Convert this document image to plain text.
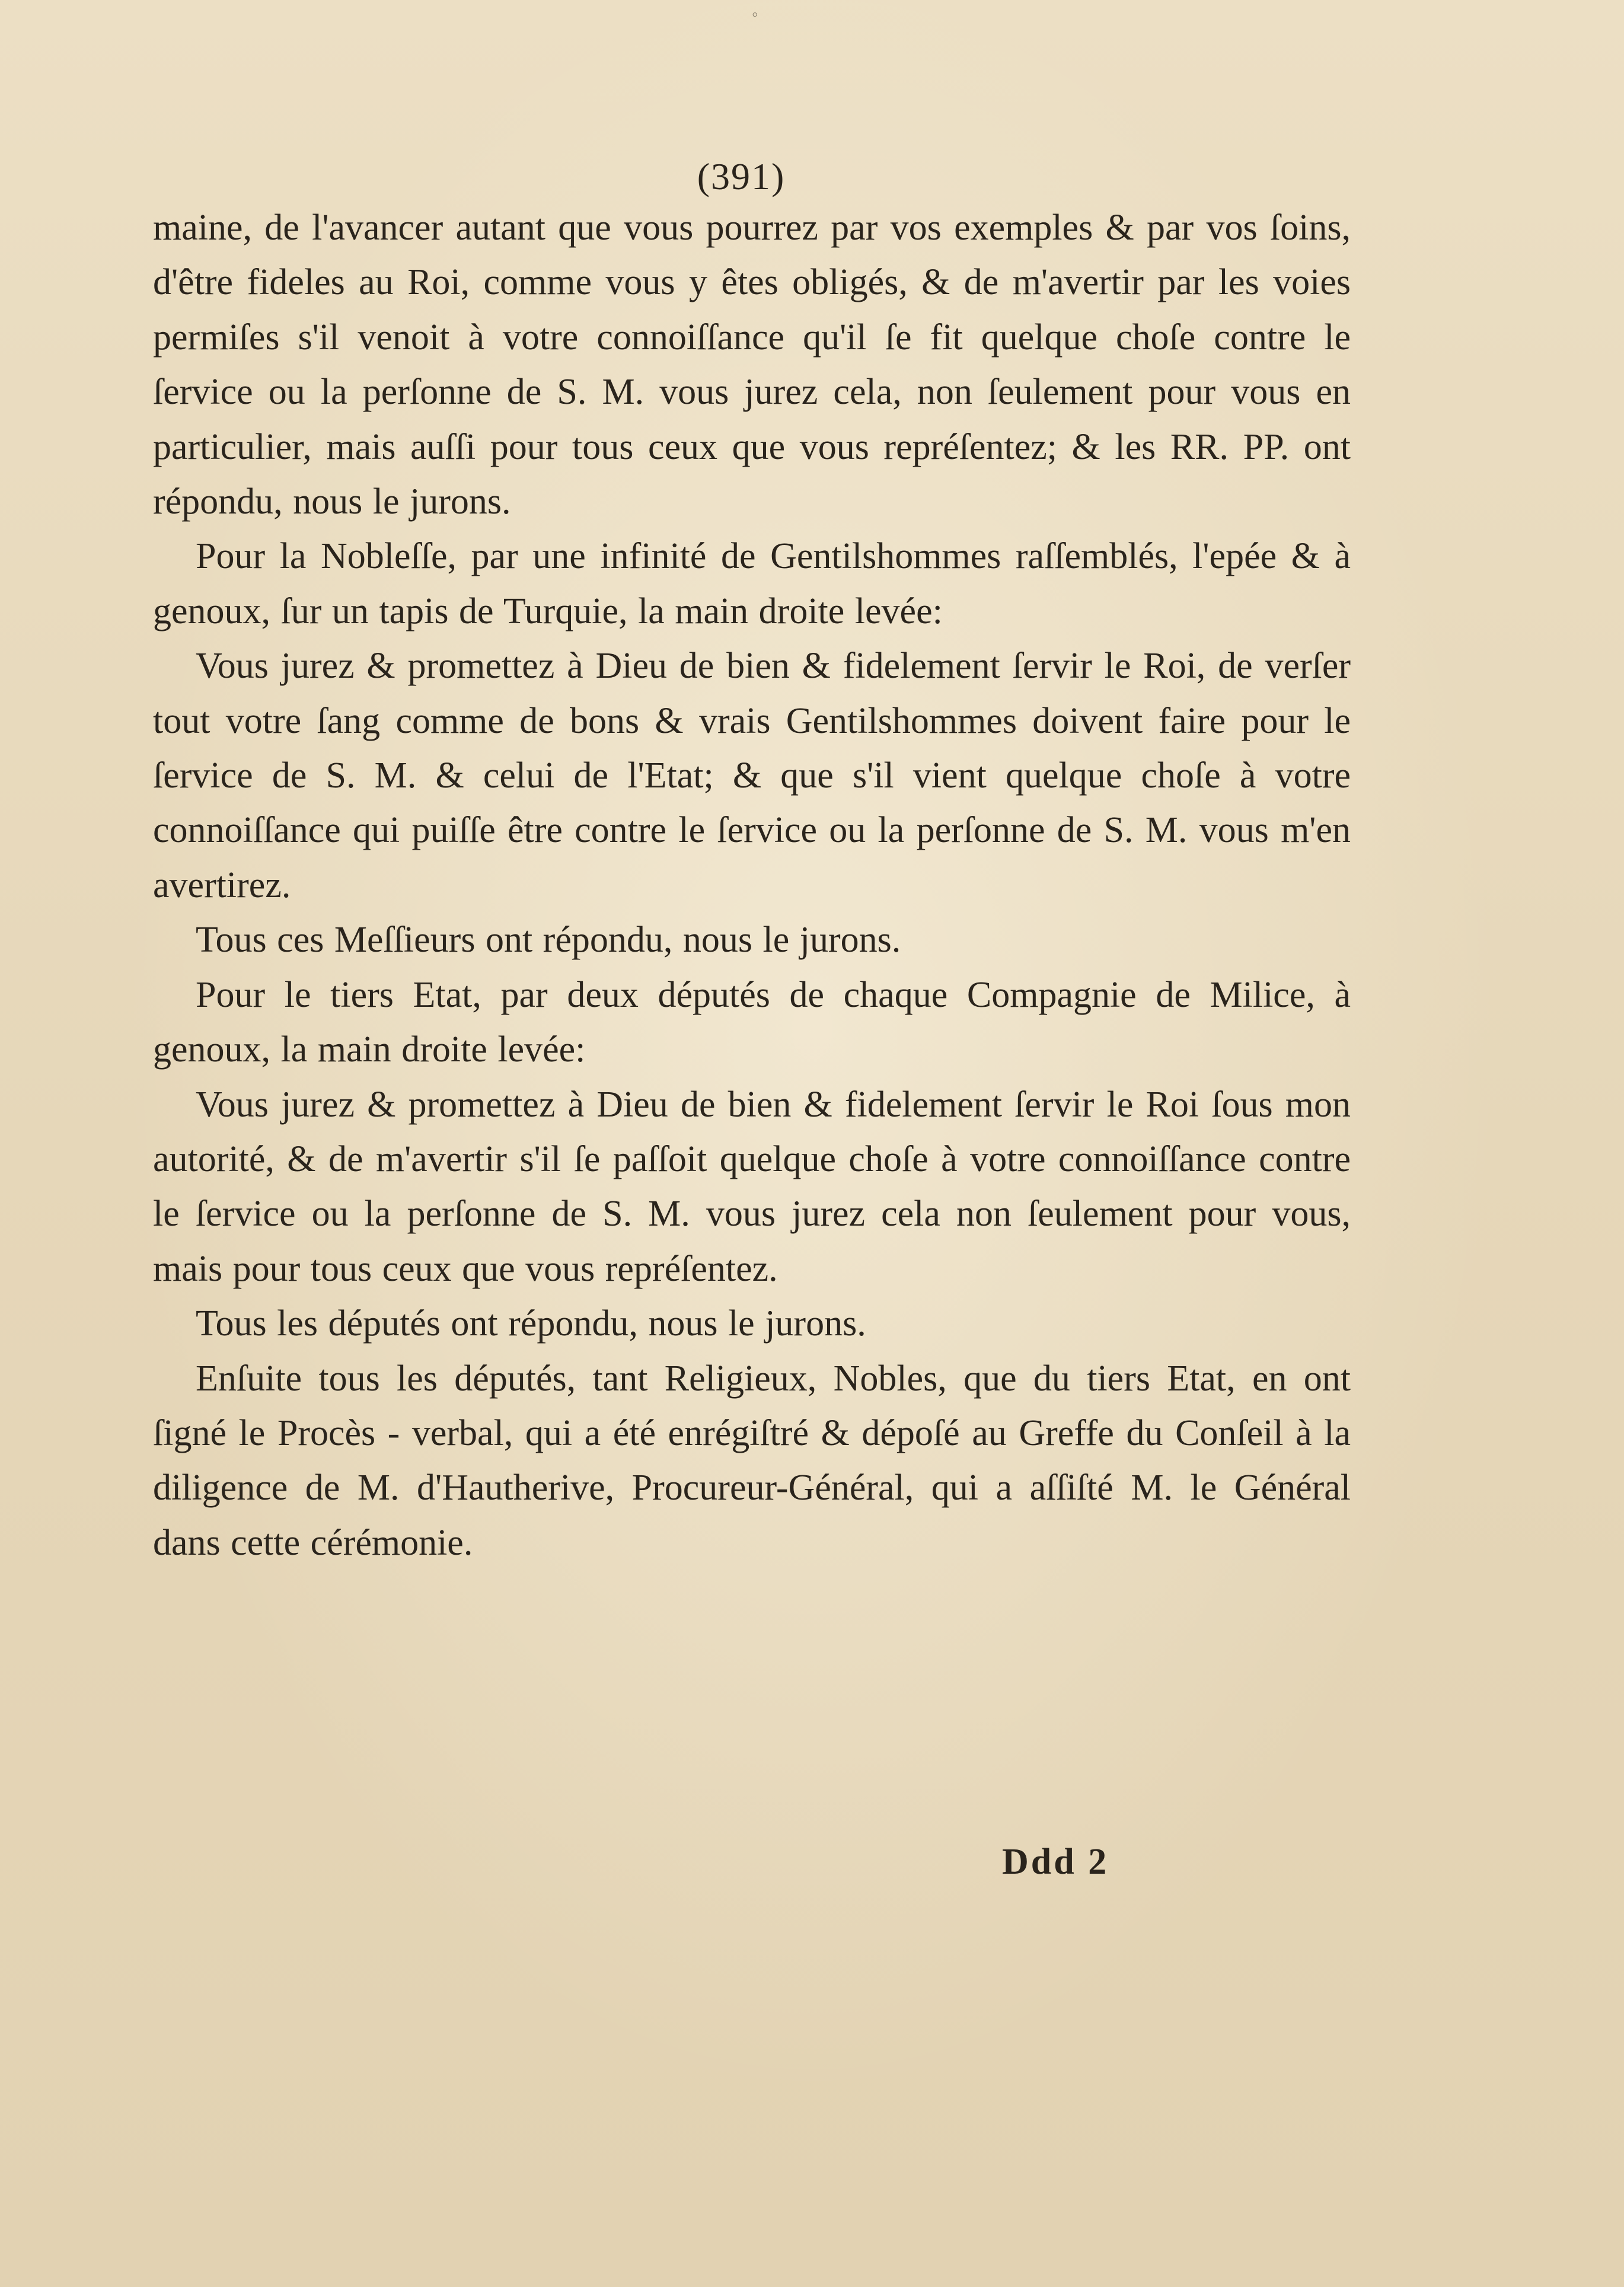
◦
(391)

maine, de l'avancer autant que vous pourrez par vos exemples & par vos ſoins, d'être fideles au Roi, comme vous y êtes obligés, & de m'avertir par les voies permiſes s'il venoit à votre connoiſſance qu'il ſe fit quelque choſe contre le ſervice ou la perſonne de S. M. vous jurez cela, non ſeulement pour vous en particulier, mais auſſi pour tous ceux que vous repréſentez; & les RR. PP. ont répondu, nous le jurons.

Pour la Nobleſſe, par une infinité de Gentilshommes raſſemblés, l'epée & à genoux, ſur un tapis de Turquie, la main droite levée:

Vous jurez & promettez à Dieu de bien & fidelement ſervir le Roi, de verſer tout votre ſang comme de bons & vrais Gentilshommes doivent faire pour le ſervice de S. M. & celui de l'Etat; & que s'il vient quelque choſe à votre connoiſſance qui puiſſe être contre le ſervice ou la perſonne de S. M. vous m'en avertirez.

Tous ces Meſſieurs ont répondu, nous le jurons.

Pour le tiers Etat, par deux députés de chaque Compagnie de Milice, à genoux, la main droite levée:

Vous jurez & promettez à Dieu de bien & fidelement ſervir le Roi ſous mon autorité, & de m'avertir s'il ſe paſſoit quelque choſe à votre connoiſſance contre le ſervice ou la perſonne de S. M. vous jurez cela non ſeulement pour vous, mais pour tous ceux que vous repréſentez.

Tous les députés ont répondu, nous le jurons.

Enſuite tous les députés, tant Religieux, Nobles, que du tiers Etat, en ont ſigné le Procès - verbal, qui a été enrégiſtré & dépoſé au Greffe du Conſeil à la diligence de M. d'Hautherive, Procureur-Général, qui a aſſiſté M. le Général dans cette cérémonie.

Ddd 2
